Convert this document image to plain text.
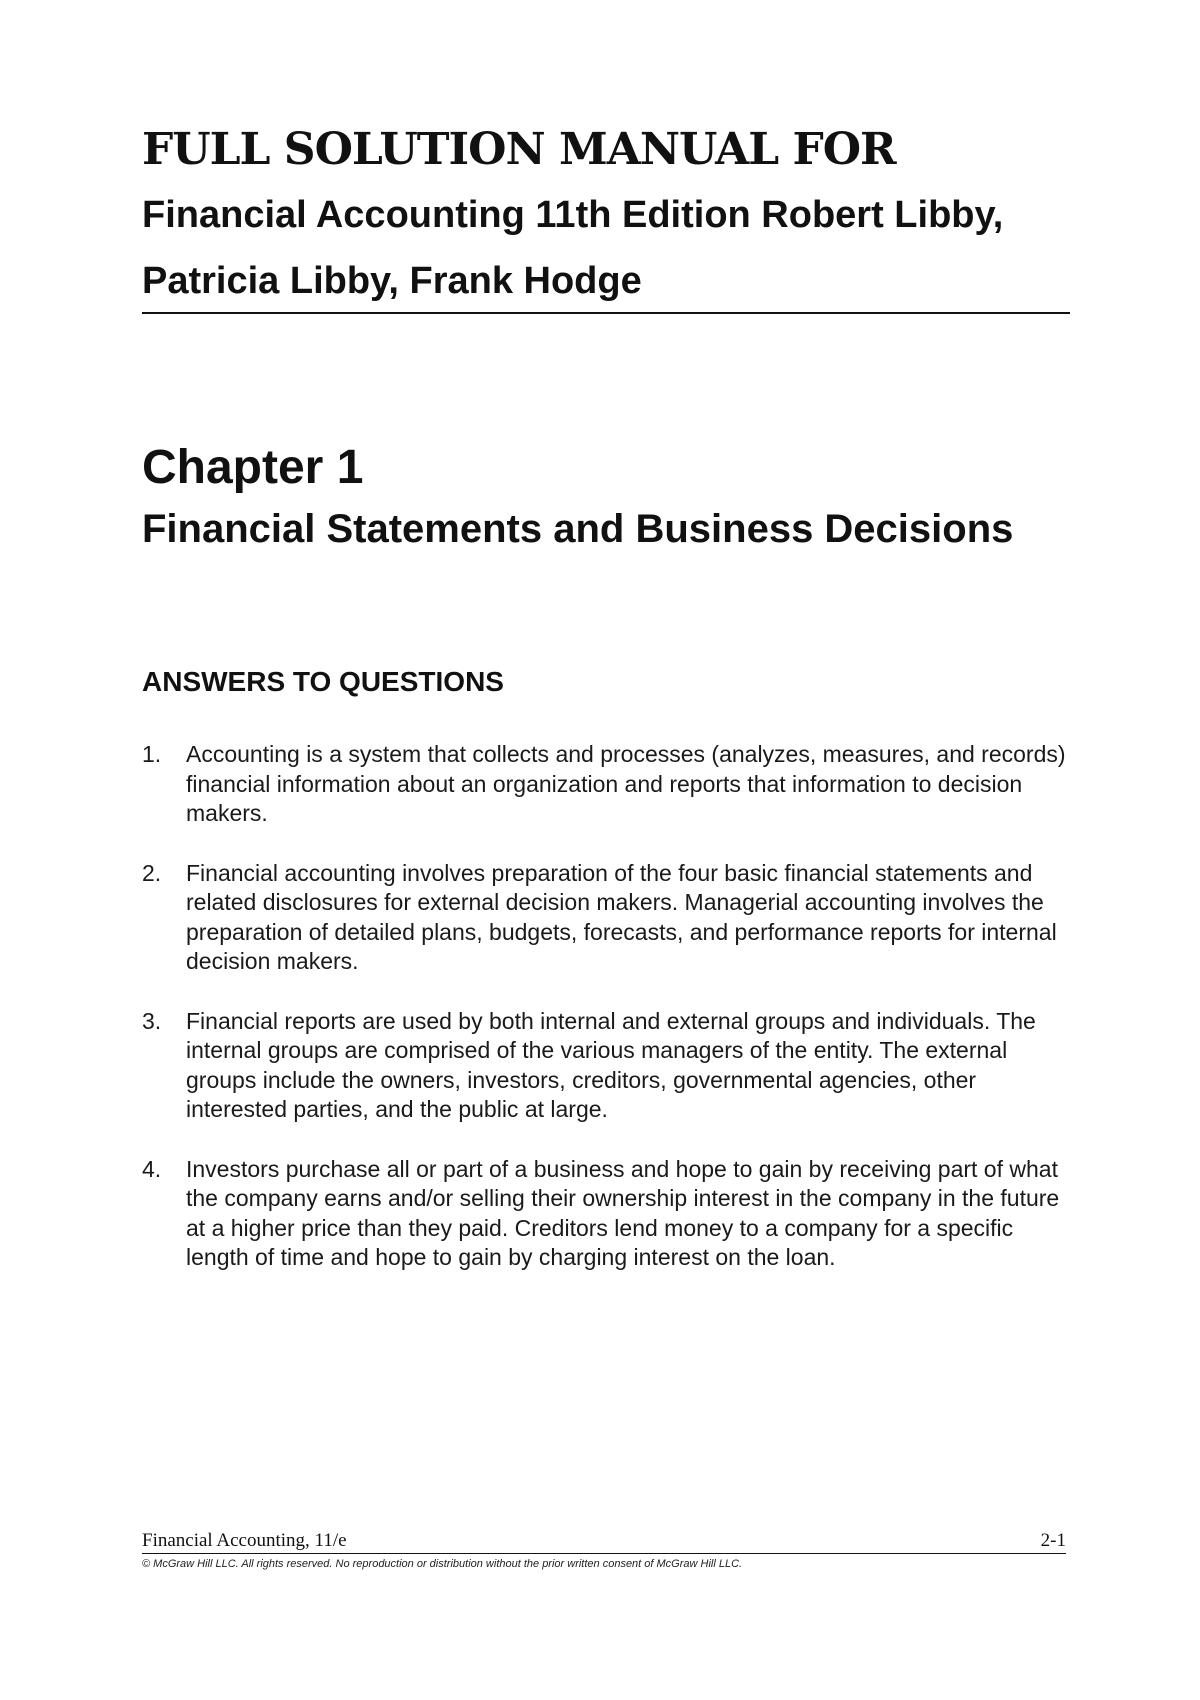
FULL SOLUTION MANUAL FOR
Financial Accounting 11th Edition Robert Libby, Patricia Libby, Frank Hodge
Chapter 1
Financial Statements and Business Decisions
ANSWERS TO QUESTIONS
1. Accounting is a system that collects and processes (analyzes, measures, and records) financial information about an organization and reports that information to decision makers.
2. Financial accounting involves preparation of the four basic financial statements and related disclosures for external decision makers. Managerial accounting involves the preparation of detailed plans, budgets, forecasts, and performance reports for internal decision makers.
3. Financial reports are used by both internal and external groups and individuals. The internal groups are comprised of the various managers of the entity. The external groups include the owners, investors, creditors, governmental agencies, other interested parties, and the public at large.
4. Investors purchase all or part of a business and hope to gain by receiving part of what the company earns and/or selling their ownership interest in the company in the future at a higher price than they paid. Creditors lend money to a company for a specific length of time and hope to gain by charging interest on the loan.
Financial Accounting, 11/e	2-1
© McGraw Hill LLC. All rights reserved. No reproduction or distribution without the prior written consent of McGraw Hill LLC.
